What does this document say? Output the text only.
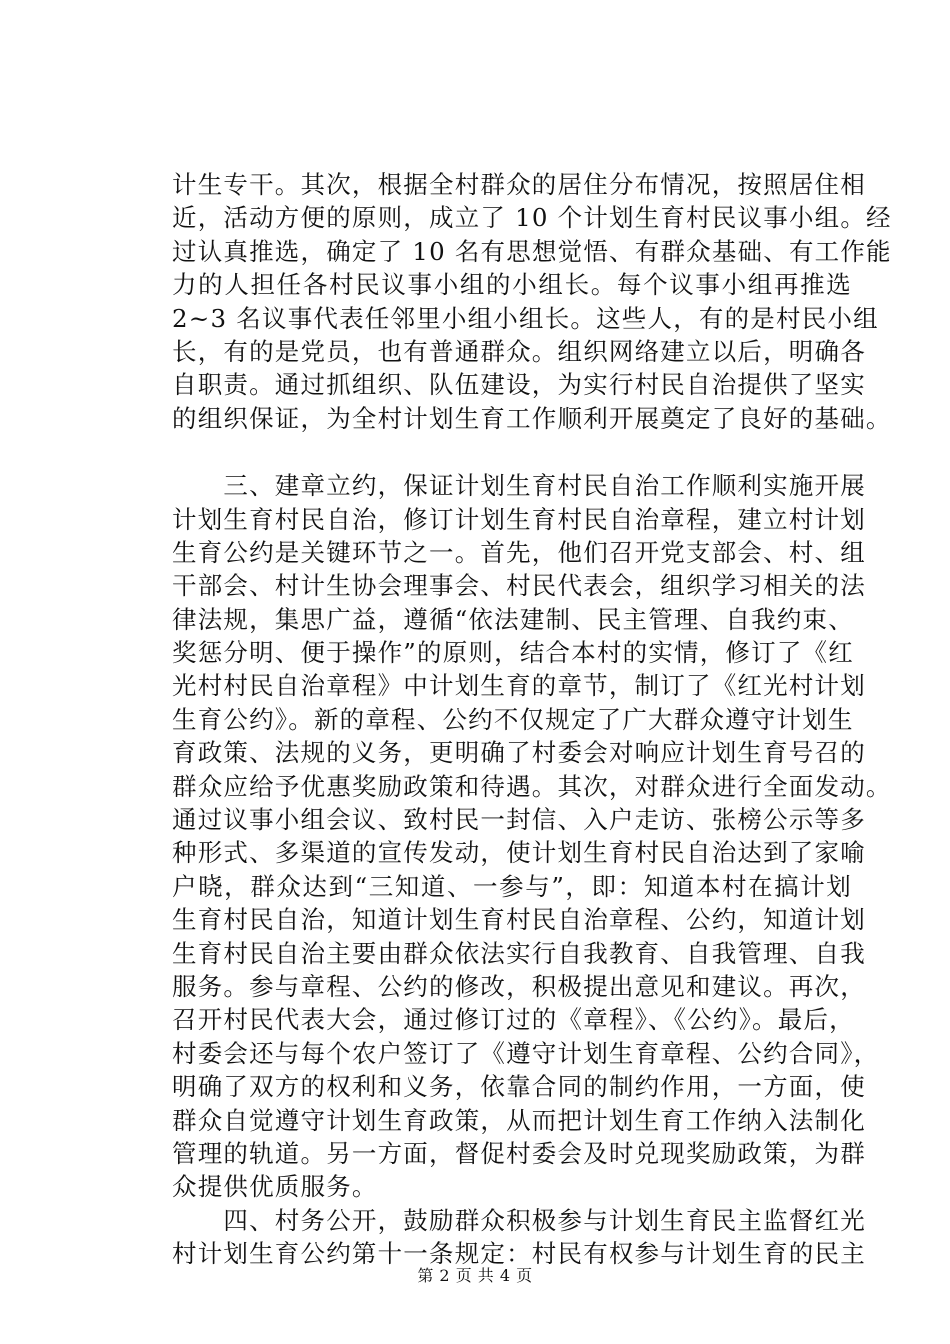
计生专干。其次，根据全村群众的居住分布情况，按照居住相
近，活动方便的原则，成立了 10 个计划生育村民议事小组。经
过认真推选，确定了 10 名有思想觉悟、有群众基础、有工作能
力的人担任各村民议事小组的小组长。每个议事小组再推选
2~3 名议事代表任邻里小组小组长。这些人，有的是村民小组
长，有的是党员，也有普通群众。组织网络建立以后，明确各
自职责。通过抓组织、队伍建设，为实行村民自治提供了坚实
的组织保证，为全村计划生育工作顺利开展奠定了良好的基础。
　　三、建章立约，保证计划生育村民自治工作顺利实施开展
计划生育村民自治，修订计划生育村民自治章程，建立村计划
生育公约是关键环节之一。首先，他们召开党支部会、村、组
干部会、村计生协会理事会、村民代表会，组织学习相关的法
律法规，集思广益，遵循“依法建制、民主管理、自我约束、
奖惩分明、便于操作”的原则，结合本村的实情，修订了《红
光村村民自治章程》中计划生育的章节，制订了《红光村计划
生育公约》。新的章程、公约不仅规定了广大群众遵守计划生
育政策、法规的义务，更明确了村委会对响应计划生育号召的
群众应给予优惠奖励政策和待遇。其次，对群众进行全面发动。
通过议事小组会议、致村民一封信、入户走访、张榜公示等多
种形式、多渠道的宣传发动，使计划生育村民自治达到了家喻
户晓，群众达到“三知道、一参与”，即：知道本村在搞计划
生育村民自治，知道计划生育村民自治章程、公约，知道计划
生育村民自治主要由群众依法实行自我教育、自我管理、自我
服务。参与章程、公约的修改，积极提出意见和建议。再次，
召开村民代表大会，通过修订过的《章程》、《公约》。最后，
村委会还与每个农户签订了《遵守计划生育章程、公约合同》，
明确了双方的权利和义务，依靠合同的制约作用，一方面，使
群众自觉遵守计划生育政策，从而把计划生育工作纳入法制化
管理的轨道。另一方面，督促村委会及时兑现奖励政策，为群
众提供优质服务。
　　四、村务公开，鼓励群众积极参与计划生育民主监督红光
村计划生育公约第十一条规定：村民有权参与计划生育的民主
第 2 页 共 4 页
